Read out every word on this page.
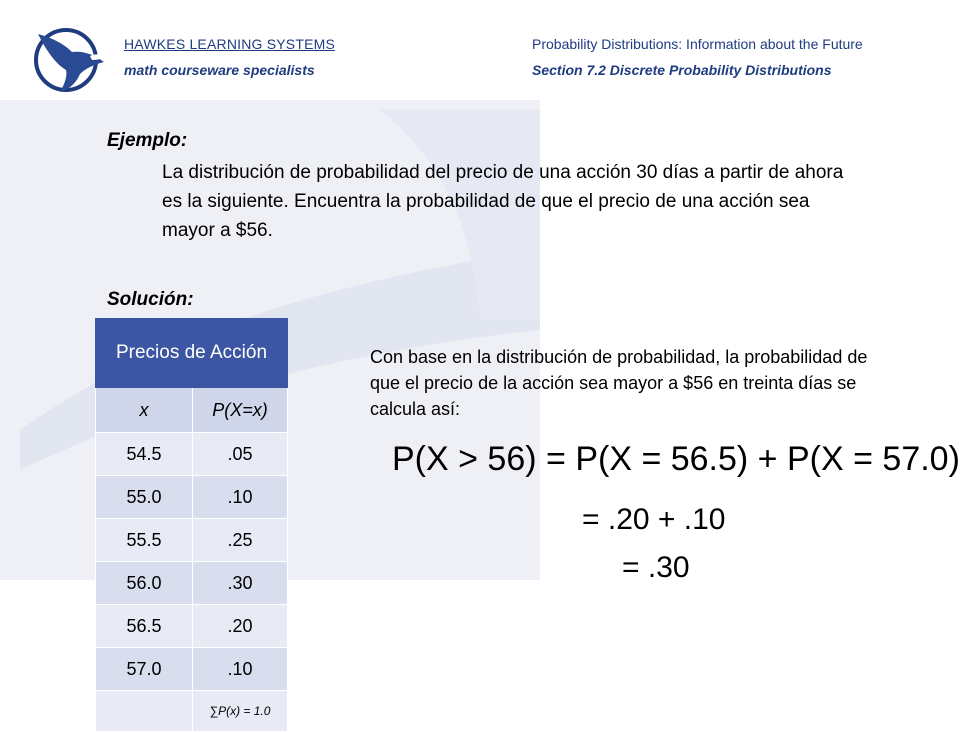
HAWKES LEARNING SYSTEMS
math courseware specialists
Probability Distributions: Information about the Future
Section 7.2 Discrete Probability Distributions
Ejemplo:
La distribución de probabilidad del precio de una acción 30 días a partir de ahora es la siguiente. Encuentra la probabilidad de que el precio de una acción sea mayor a $56.
Solución:
Precios de Acción	
x	P(X=x)
54.5	.05
55.0	.10
55.5	.25
56.0	.30
56.5	.20
57.0	.10
	∑P(x) = 1.0
Con base en la distribución de probabilidad, la probabilidad de que el precio de la acción sea mayor a $56 en treinta días se calcula así:
P(X > 56) = P(X = 56.5) + P(X = 57.0)
= .20 + .10
= .30
